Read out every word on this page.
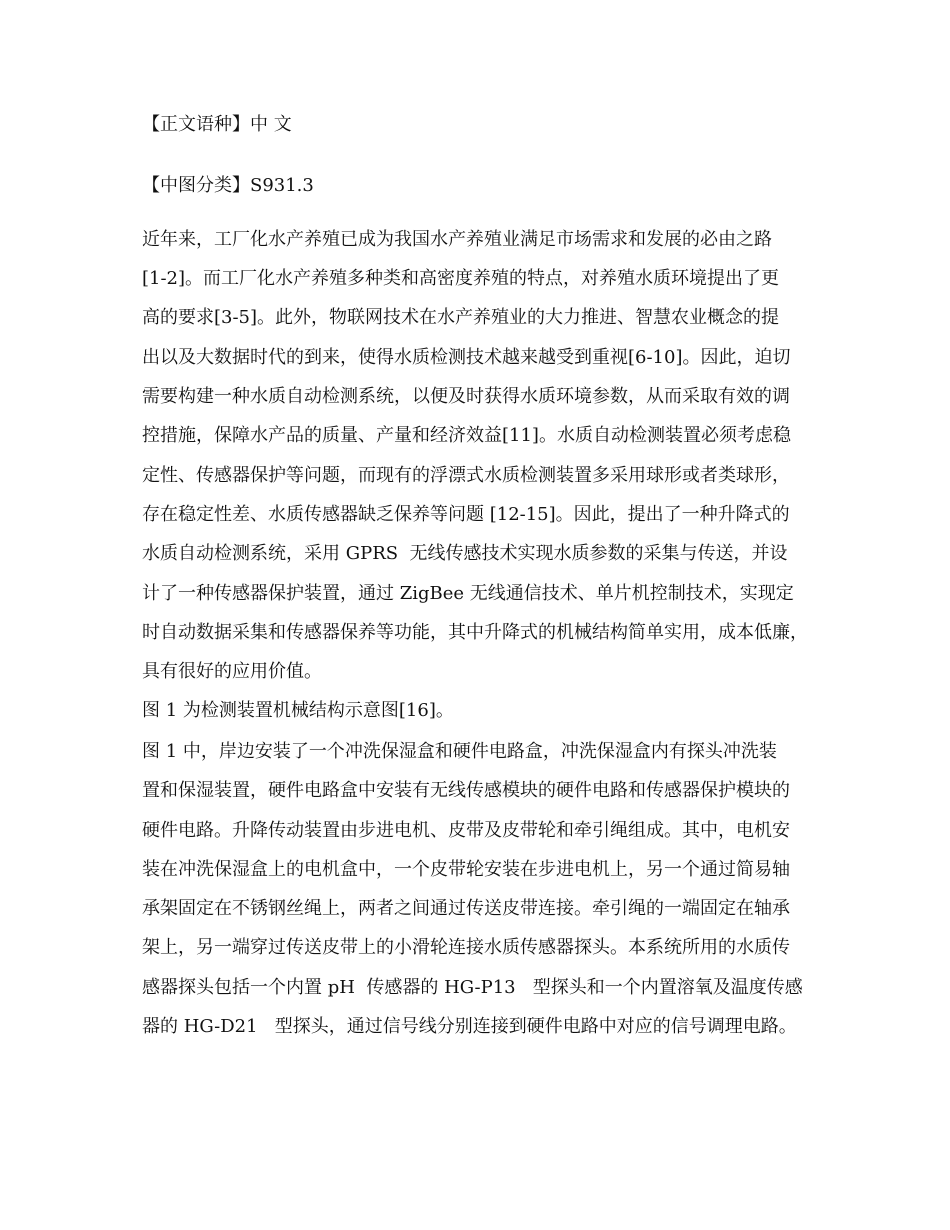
【正文语种】中 文
【中图分类】S931.3
近年来，工厂化水产养殖已成为我国水产养殖业满足市场需求和发展的必由之路
[1-2]。而工厂化水产养殖多种类和高密度养殖的特点，对养殖水质环境提出了更
高的要求[3-5]。此外，物联网技术在水产养殖业的大力推进、智慧农业概念的提
出以及大数据时代的到来，使得水质检测技术越来越受到重视[6-10]。因此，迫切
需要构建一种水质自动检测系统，以便及时获得水质环境参数，从而采取有效的调
控措施，保障水产品的质量、产量和经济效益[11]。水质自动检测装置必须考虑稳
定性、传感器保护等问题，而现有的浮漂式水质检测装置多采用球形或者类球形，
存在稳定性差、水质传感器缺乏保养等问题 [12-15]。因此，提出了一种升降式的
水质自动检测系统，采用 GPRS  无线传感技术实现水质参数的采集与传送，并设
计了一种传感器保护装置，通过 ZigBee 无线通信技术、单片机控制技术，实现定
时自动数据采集和传感器保养等功能，其中升降式的机械结构简单实用，成本低廉，
具有很好的应用价值。
图 1 为检测装置机械结构示意图[16]。
图 1 中，岸边安装了一个冲洗保湿盒和硬件电路盒，冲洗保湿盒内有探头冲洗装
置和保湿装置，硬件电路盒中安装有无线传感模块的硬件电路和传感器保护模块的
硬件电路。升降传动装置由步进电机、皮带及皮带轮和牵引绳组成。其中，电机安
装在冲洗保湿盒上的电机盒中，一个皮带轮安装在步进电机上，另一个通过简易轴
承架固定在不锈钢丝绳上，两者之间通过传送皮带连接。牵引绳的一端固定在轴承
架上，另一端穿过传送皮带上的小滑轮连接水质传感器探头。本系统所用的水质传
感器探头包括一个内置 pH  传感器的 HG-P13   型探头和一个内置溶氧及温度传感
器的 HG-D21   型探头，通过信号线分别连接到硬件电路中对应的信号调理电路。
